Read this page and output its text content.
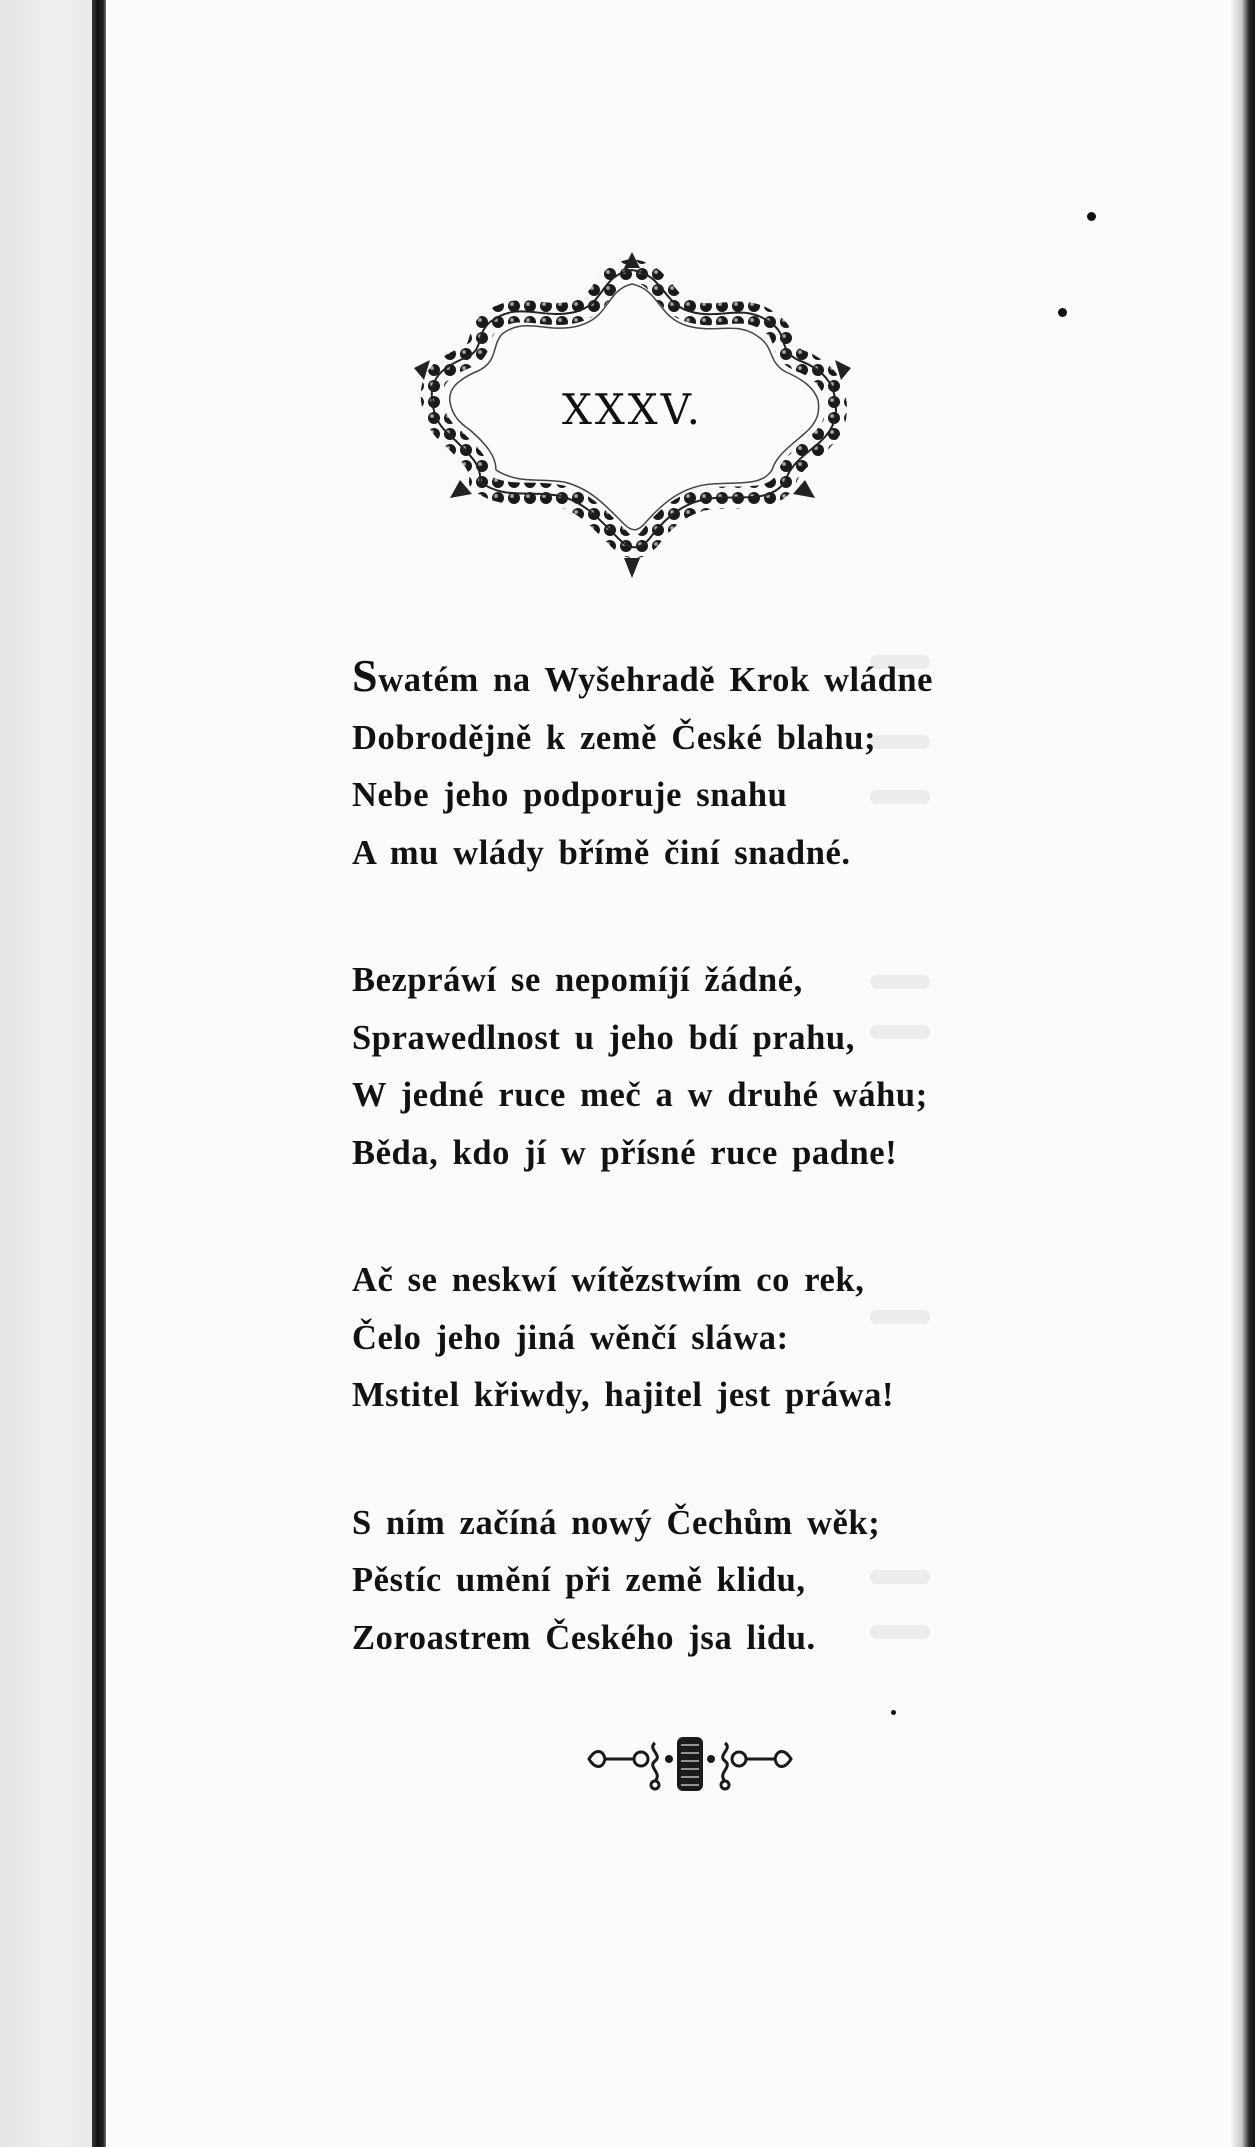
XXXV.
Swatém na Wyšehradě Krok wládne
Dobrodějně k země České blahu;
Nebe jeho podporuje snahu
A mu wlády břímě činí snadné.
Bezpráwí se nepomíjí žádné,
Sprawedlnost u jeho bdí prahu,
W jedné ruce meč a w druhé wáhu;
Běda, kdo jí w přísné ruce padne!
Ač se neskwí wítězstwím co rek,
Čelo jeho jiná wěnčí sláwa:
Mstitel křiwdy, hajitel jest práwa!
S ním začíná nowý Čechům wěk;
Pěstíc umění při země klidu,
Zoroastrem Českého jsa lidu.
